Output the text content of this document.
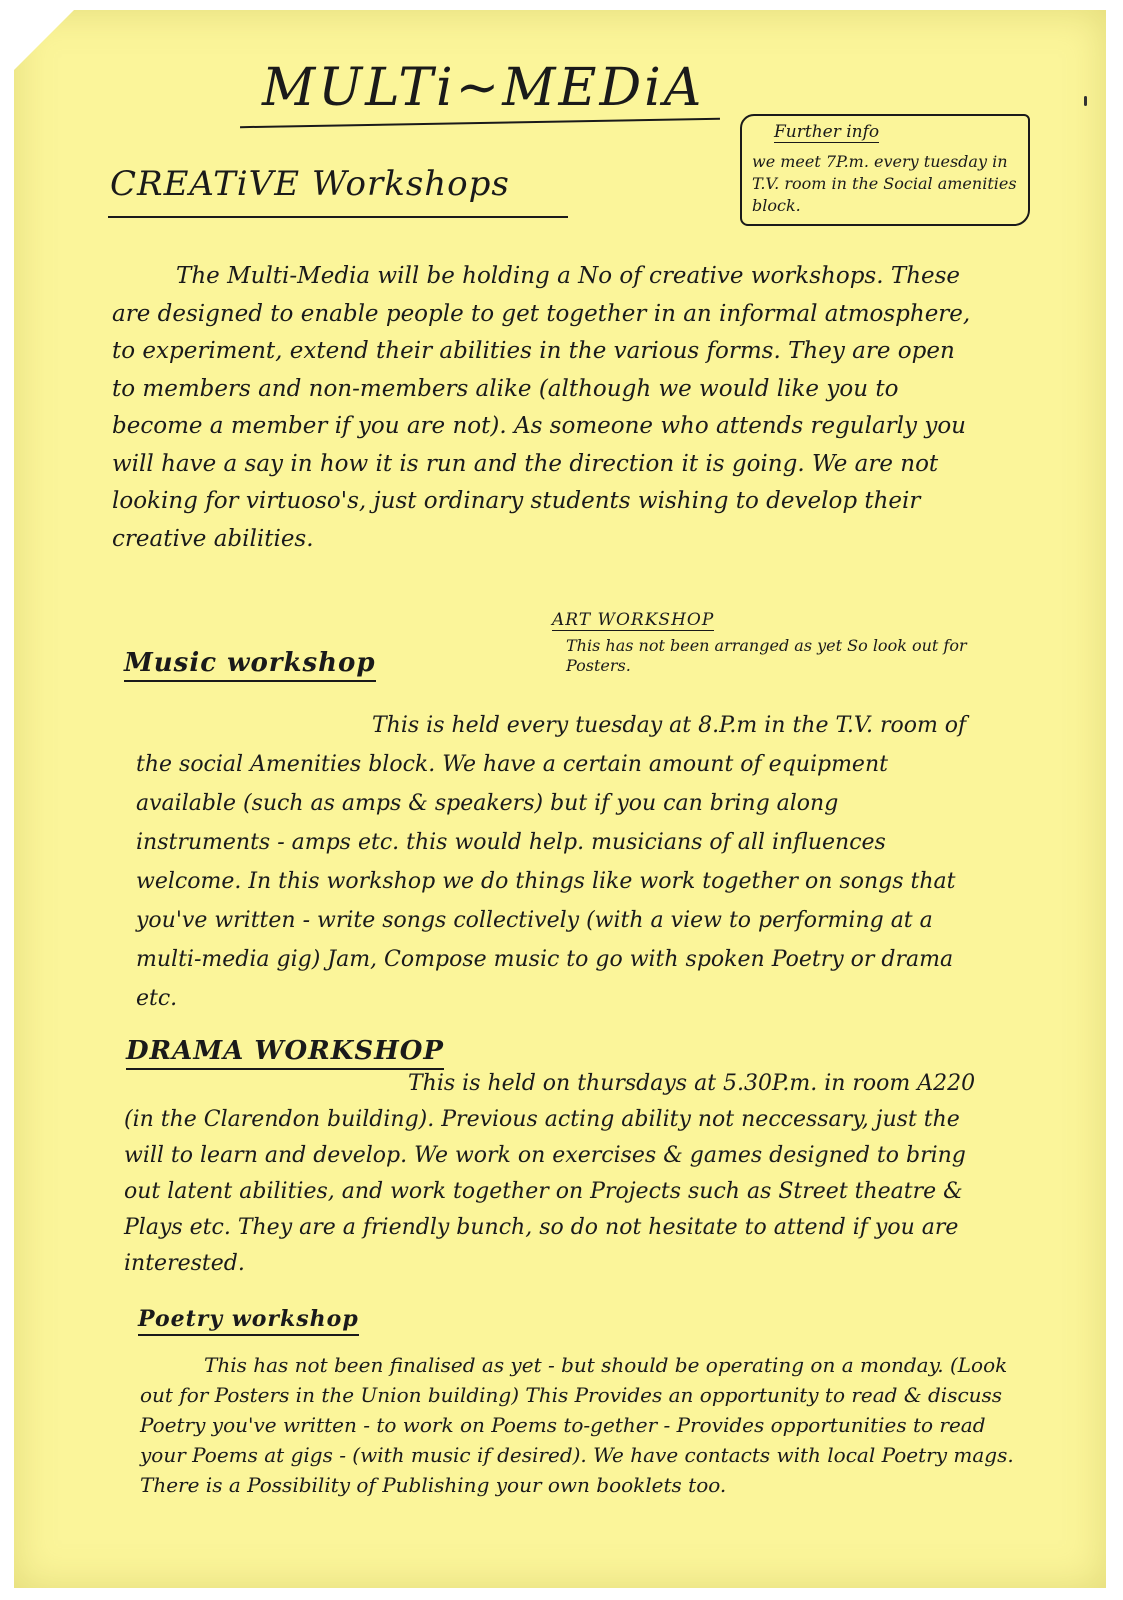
MULTi~MEDiA
CREATiVE Workshops
Further info

we meet 7P.m. every tuesday in T.V. room in the Social amenities block.

The Multi-Media will be holding a No of creative workshops. These are designed to enable people to get together in an informal atmosphere, to experiment, extend their abilities in the various forms. They are open to members and non-members alike (although we would like you to become a member if you are not). As someone who attends regularly you will have a say in how it is run and the direction it is going. We are not looking for virtuoso's, just ordinary students wishing to develop their creative abilities.

ART WORKSHOP

This has not been arranged as yet So look out for Posters.

Music workshop

This is held every tuesday at 8.P.m in the T.V. room of the social Amenities block. We have a certain amount of equipment available (such as amps & speakers) but if you can bring along instruments - amps etc. this would help. musicians of all influences welcome. In this workshop we do things like work together on songs that you've written - write songs collectively (with a view to performing at a multi-media gig) Jam, Compose music to go with spoken Poetry or drama etc.

DRAMA WORKSHOP

This is held on thursdays at 5.30P.m. in room A220 (in the Clarendon building). Previous acting ability not neccessary, just the will to learn and develop. We work on exercises & games designed to bring out latent abilities, and work together on Projects such as Street theatre & Plays etc. They are a friendly bunch, so do not hesitate to attend if you are interested.

Poetry workshop

This has not been finalised as yet - but should be operating on a monday. (Look out for Posters in the Union building) This Provides an opportunity to read & discuss Poetry you've written - to work on Poems to-gether - Provides opportunities to read your Poems at gigs - (with music if desired). We have contacts with local Poetry mags. There is a Possibility of Publishing your own booklets too.
